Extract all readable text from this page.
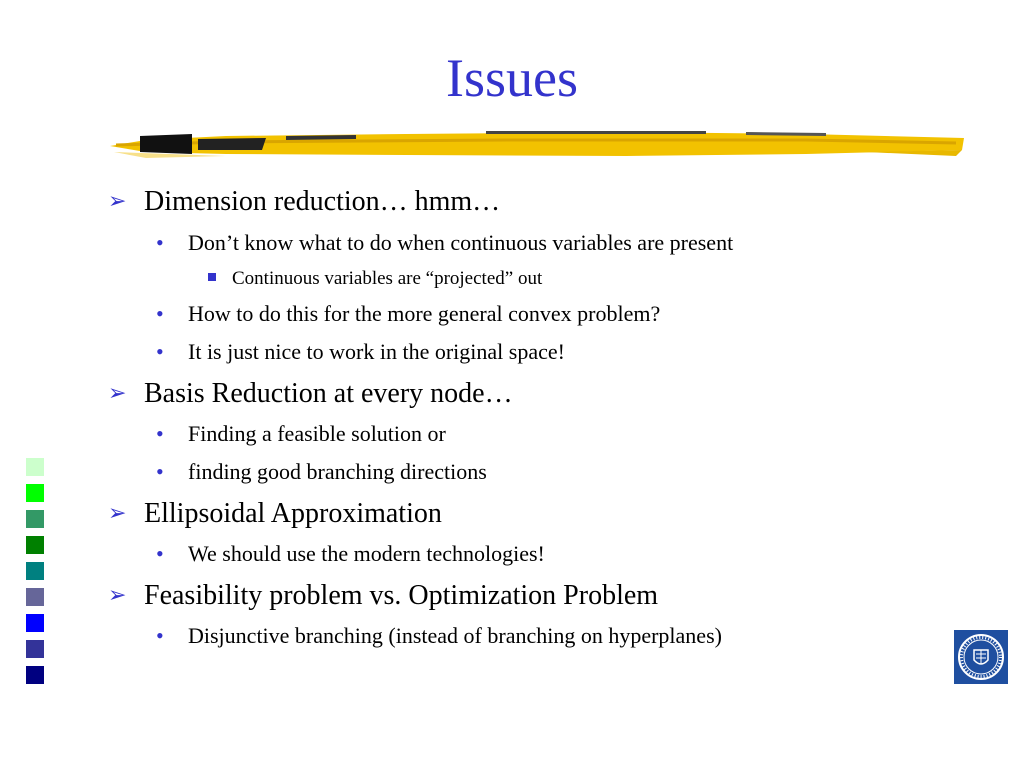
Issues
➢ Dimension reduction… hmm…
• Don’t know what to do when continuous variables are present
Continuous variables are “projected” out
• How to do this for the more general convex problem?
• It is just nice to work in the original space!
➢ Basis Reduction at every node…
• Finding a feasible solution or
• finding good branching directions
➢ Ellipsoidal Approximation
• We should use the modern technologies!
➢ Feasibility problem vs. Optimization Problem
• Disjunctive branching (instead of branching on hyperplanes)
